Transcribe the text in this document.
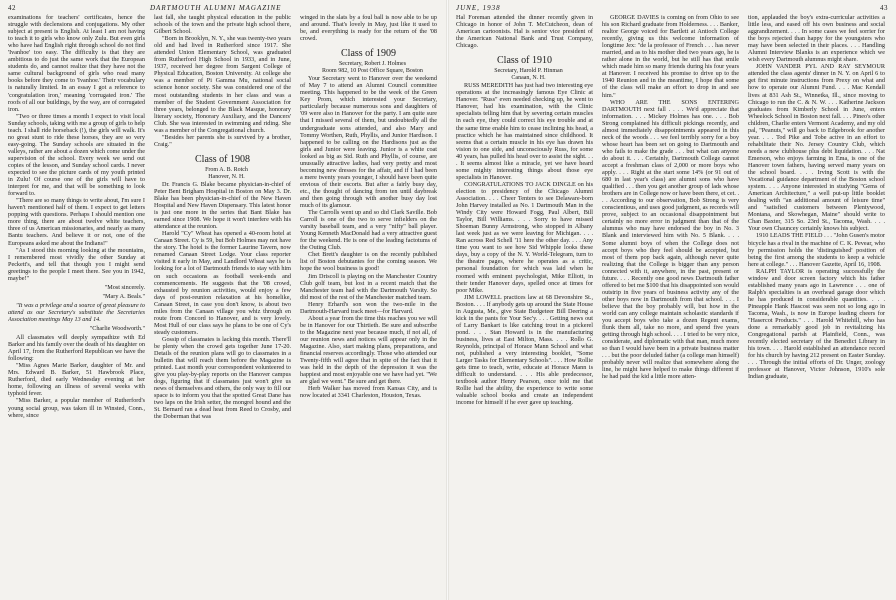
42	DARTMOUTH ALUMNI MAGAZINE

examinations for teachers' certificates, hence the struggle with declensions and conjugations. My other subject at present is English. At least I am not having to teach it to girls who know only Zulu. But even girls who have had English right through school do not find 'Ivanhoe' too easy. The difficulty is that they are ambitious to do just the same work that the European students do, and cannot realize that they have not the same cultural background of girls who read many books before they come to 'Ivanhoe.' Their vocabulary is naturally limited. In an essay I got a reference to 'congratulation iron,' meaning 'corrugated iron.' The roofs of all our buildings, by the way, are of corrugated iron.

"Two or three times a month I expect to visit local Sunday schools, taking with me a group of girls to help teach. I shall ride horseback (!), the girls will walk. It's no great stunt to ride these horses, they are so very easy-going. The Sunday schools are situated in the valleys, rather are about a dozen which come under the supervision of the school. Every week we send out copies of the lesson, and Sunday school cards. I never expected to see the picture cards of my youth printed in Zulu! Of course one of the girls will have to interpret for me, and that will be something to look forward to.

"There are so many things to write about, I'm sure I haven't mentioned half of them. I expect to get letters popping with questions. Perhaps I should mention one more thing, there are about twelve white teachers, three of us American missionaries, and nearly as many Bantu teachers. And believe it or not, one of the Europeans asked me about the Indians!"

"As I stood this morning looking at the mountains, I remembered most vividly the other Sunday at Peckett's, and tell that though you I might send greetings to the people I meet there. See you in 1942, maybe!"

"Most sincerely.

"Mary A. Beals."

"It was a privilege and a source of great pleasure to attend as our Secretary's substitute the Secretaries Association meetings May 13 and 14.

"Charlie Woodworth."

All classmates will deeply sympathize with Ed Barker and his family over the death of his daughter on April 17, from the Rutherford Republican we have the following:

"Miss Agnes Marie Barker, daughter of Mr. and Mrs. Edward B. Barker, 51 Hawbrook Place, Rutherford, died early Wednesday evening at her home, following an illness of several weeks with typhoid fever.

"Miss Barker, a popular member of Rutherford's young social group, was taken ill in Winsted, Conn., where, since

last fall, she taught physical education in the public schools of the town and the private high school there, Gilbert School.

"Born in Brooklyn, N. Y., she was twenty-two years old and had lived in Rutherford since 1917. She attended Union Elementary School, was graduated from Rutherford High School in 1933, and in June, 1937, received her degree from Sargent College of Physical Education, Boston University. At college she was a member of Pi Gamma Mu, national social science honor society. She was considered one of the most outstanding students in her class and was a member of the Student Government Association for three years, belonged to the Black Masque, honorary literary society, Honorary Auxiliary, and the Dancers' Club. She was interested in swimming and riding. She was a member of the Congregational church.

"Besides her parents she is survived by a brother, Craig."

Class of 1908

From A. B. Rotch

Hanover, N. H.

Dr. Francis G. Blake became physician-in-chief of Peter Bent Brigham Hospital in Boston on May 3. Dr. Blake has been physician-in-chief of the New Haven Hospital and New Haven Dispensary. This latest honor is just one more in the series that Bant Blake has earned since 1908. We hope it won't interfere with his attendance at the reunion.

Harold "Cy" Wheat has opened a 40-room hotel at Canaan Street. Cy is 59, but Bob Holmes may not have the story. The hotel is the former Laurine Tavern, now renamed Canaan Street Lodge. Your class reporter visited it early in May, and Landlord Wheat says he is looking for a lot of Dartmouth friends to stay with him on such occasions as football week-ends and commencements. He suggests that the '08 crowd, exhausted by reunion activities, would enjoy a few days of post-reunion relaxation at his homelike, Canaan Street, in case you don't know, is about two miles from the Canaan village you whiz through en route from Concord to Hanover, and is very lovely. Most Hull of our class says he plans to be one of Cy's steady customers.

Gossip of classmates is lacking this month. There'll be plenty when the crowd gets together June 17-20. Details of the reunion plans will go to classmates in a bulletin that will reach them before the Magazine is printed. Last month your correspondent volunteered to give you play-by-play reports on the Hanover campus dogs, figuring that if classmates just won't give us news of themselves and others, the only way to fill our space is to inform you that the spotted Great Dane has two laps on the Irish setter, the mongrel hound and the St. Bernard ran a dead heat from Reed to Crosby, and the Doberman that was

winged in the slats by a foul ball is now able to be up and around. That's lovely in May, just like it used to be, and everything is ready for the return of the '08 crowd.

Class of 1909

Secretary, Robert J. Holmes

Room 982, 10 Post Office Square, Boston

Your Secretary went to Hanover over the weekend of May 7 to attend an Alumni Council committee meeting. This happened to be the week of the Green Key Prom, which interested your Secretary, particularly because numerous sons and daughters of '09 were also in Hanover for the party. I am quite sure that I missed several of them, but undoubtedly all the undergraduate sons attended, and also Mary and Tommy Worthen, Ruth, Phyllis, and Junior Hardison. I happened to be calling on the Hardisons just as the girls and Junior were leaving. Junior is a white coat looked as big as Sid. Ruth and Phyllis, of course, are unusually attractive ladies, had very pretty and most becoming new dresses for the affair, and if I had been a mere twenty years younger, I should have been quite envious of their escorts. But after a fairly busy day, etc., the thought of dancing from ten until daybreak and then going through with another busy day lost much of its glamour.

The Carrolls went up and so did Clark Saville. Bob Carroll is one of the two to serve infielders on the varsity baseball team, and a very "nifty" ball player. Young Kenneth MacDonald had a very attractive guest for the weekend. He is one of the leading factotums of the Outing Club.

Chet Brett's daughter is on the recently published list of Boston debutantes for the coming season. We hope the wool business is good!

Jim Driscoll is playing on the Manchester Country Club golf team, but lost in a recent match that the Manchester team had with the Dartmouth Varsity. So did most of the rest of the Manchester matched team.

Henry Erhard's son won the two-mile in the Dartmouth-Harvard track meet—for Harvard.

About a year from the time this reaches you we will be in Hanover for our Thirtieth. Be sure and subscribe to the Magazine next year because much, if not all, of our reunion news and notices will appear only in the Magazine. Also, start making plans, preparations, and financial reserves accordingly. Those who attended our Twenty-fifth will agree that in spite of the fact that it was held in the depth of the depression it was the happiest and most enjoyable one we have had yet. "We are glad we went." Be sure and get there.

Herb Walker has moved from Kansas City, and is now located at 3341 Charleston, Houston, Texas.

JUNE, 1938	43

Hal Foreman attended the dinner recently given in Chicago in honor of John T. McCutcheon, dean of American cartoonists. Hal is senior vice president of the American National Bank and Trust Company, Chicago.

Class of 1910

Secretary, Harold P. Hinman

Canaan, N. H.

RUSS MEREDITH has just had two interesting eye operations at the increasingly famous Eye Clinic at Hanover. "Russ" even needed checking up, he went to Hanover, had his examination, with the Clinic specialists telling him that by severing certain muscles in each eye, they could correct his eye trouble and at the same time enable him to cease inclining his head, a practice which he has maintained since childhood. It seems that a certain muscle in his eye has drawn his vision to one side, and unconsciously Russ, for some 40 years, has pulled his head over to assist the sight. . . . It seems almost like a miracle, yet we have heard some mighty interesting things about those eye specialists in Hanover.

CONGRATULATIONS TO JACK DINGLE on his election to presidency of the Chicago Alumni Association. . . . Cheer Tenters to see Delaware-born John Harvey installed as No. 1 Dartmouth Man in the Windy City were Howard Fogg, Paul Albert, Bill Taylor, Bill Williams. . . . Sorry to have missed Shoeman Bunny Armstrong, who stopped in Albany last week just as we were leaving for Michigan. . . . Ran across Red Schell '11 here the other day. . . . Any time you want to see how Sid Whipple looks these days, buy a copy of the N. Y. World-Telegram, turn to the theatre pages, where he operates as a critic, personal foundation for which was laid when he roomed with eminent psychologist, Mike Elliott, in their tender Hanover days, spelled once at times for poor Mike.

JIM LOWELL practices law at 68 Devonshire St., Boston. . . . If anybody gets up around the State House in Augusta, Me., give State Budgeteer Bill Deering a kick in the pants for Your Sec'y. . . . Getting news out of Larry Bankart is like catching trout in a pickerel pond. . . . Stan Howard is in the manufacturing business, lives at East Milton, Mass. . . . Rollo G. Reynolds, principal of Horace Mann School and what not, published a very interesting booklet, "Some Larger Tasks for Elementary Schools". . . . How Rollie gets time to teach, write, educate at Horace Mann is difficult to understand. . . . His able predecessor, textbook author Henry Pearson, once told me that Rollie had the ability, the experience to write some valuable school books and create an independent income for himself if he ever gave up teaching.

GEORGE DAVIES is coming on from Ohio to see his son Richard graduate from Holderness. . . . Banker, realtor George voiced for Bartlett at Antioch College recently, giving us this welcome information of longtime Jex: "de la professor of French . . . has never married, and as to his mother died two years ago, he is rather alone in the world, but he still has that smile which made him so many friends during his four years at Hanover. I received his promise to drive up to the 1940 Reunion and in the meantime, I hope that some of the class will make an effort to drop in and see him."

WHO ARE THE SONS ENTERING DARTMOUTH next fall . . . . We'd appreciate that information. . . . Mickey Holmes has one. . . . Bob Strong complained his difficult pickings recently, and almost immediately disappointments appeared in this neck of the woods . . . we feel terribly sorry for a boy whose heart has been set on going to Dartmouth and who fails to make the grade . . . but what can anyone do about it. . . . Certainly, Dartmouth College cannot accept a freshman class of 2,000 or more boys who apply. . . . Right at the start some 14% (or 91 out of 680 in last year's class) are alumni sons who have qualified . . . then you get another group of lads whose brothers are in College now or have been there, et cet. . . . According to our observation, Bob Strong is very conscientious, and uses good judgment, as records will prove, subject to an occasional disappointment but certainly no more error in judgment than that of the alumnus who may have endorsed the boy in No. 3 Blank and interviewed him with No. 5 Blank. . . . Some alumni boys of when the College does not accept boys who they feel should be accepted, but most of them pop back again, although never quite realizing that the College is bigger than any person connected with it, anywhere, in the past, present or future. . . . Recently one good news Dartmouth father offered to bet me $100 that his disappointed son would outstrip in five years of business activity any of the other boys now in Dartmouth from that school. . . . I believe that the boy probably will, but how in the world can any college maintain scholastic standards if you accept boys who take a dozen Regent exams, flunk them all, take no more, and spend five years getting through high school. . . . I tried to be very nice, considerate, and diplomatic with that man, much more so than I would have been in a private business matter . . . but the poor deluded father (a college man himself) probably never will realize that somewhere along the line, he might have helped to make things different if he had paid the kid a little more atten-

tion, applauded the boy's extra-curricular activities a little less, and eased off his own business and social aggrandizement. . . . In some cases we feel sorrier for the boys rejected than happy for the youngsters who may have been selected in their places. . . . Handling Alumni Interview Blanks is an experience which we wish every Dartmouth alumnus might share.

JOHN VANDER PYL AND RAY SEYMOUR attended the class agents' dinner in N. Y. on April 6 to get first minute instructions from Prexy on what and how to operate our Alumni Fund. . . . Mac Kendall lives at 831 Ash St., Winnetka, Ill., since moving to Chicago to run the C. & N. W. . . . Katherine Jackson graduates from Kimberly School in June, enters Wheelock School in Boston next fall. . . . Pineo's other children, Charlie enters Vermont Academy, and my old pal, "Peanuts," will go back to Edgebrook for another year. . . . Tod Pike and Tobe active in an effort to rehabilitate their No. Jersey Country Club, which needs a new clubhouse plus debt liquidation. . . . Nat Emerson, who enjoys farming in Ema, is one of the Hanover town fathers, having served many years on the school board. . . . Irving Scott is with the Vocational guidance department of the Boston school system. . . . Anyone interested in studying "Gems of American Architecture," a well put-up little booklet dealing with "an additional amount of leisure time" and "satisfied customers between Plentywood, Montana, and Skowhegan, Maine" should write to Chan Baxter, 315 So. 23rd St., Tacoma, Wash. . . . Your own Chauncey certainly knows his subject.

1910 LEADS THE FIELD . . . "John Gusen's motor bicycle has a rival in the machine of C. K. Pevear, who by permission holds the 'distinguished' position of being the first among the students to keep a vehicle here at college." . . . Hanover Gazette, April 16, 1908.

RALPH TAYLOR is operating successfully the window and door screen factory which his father established many years ago in Lawrence . . . one of Ralph's specialties is an overhead garage door which he has produced in considerable quantities. . . . Pineapple Hank Hascost was seen not so long ago in Tacoma, Wash., is now in Europe leading cheers for "Hasercot Products." . . . Harold Whitehill, who has done a remarkably good job in revitalizing his Congregational parish at Plainfield, Conn., was recently elected secretary of the Benedict Library in his town. . . . Harold established an attendance record for his church by having 212 present on Easter Sunday. . . . Through the initial efforts of Dr. Unger, zoology professor at Hanover, Victor Johnson, 1910's sole Indian graduate,
